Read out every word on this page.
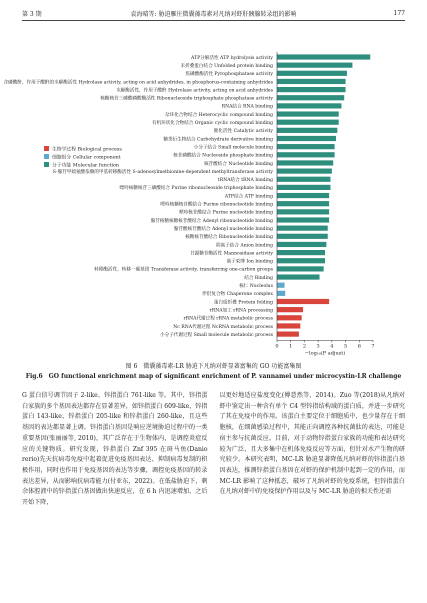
第 3 期	袁海晴等: 胁迫雁庄微囊藻毒素对凡纳对虾肝胰腺转录组的影响	177
生物学过程 Biological process
细胞组分 Cellular component
分子功能 Molecular function
ATP分解活性 ATP hydrolysis activity
未折叠蛋白结合 Unfolded protein binding
焦磷酸酶活性 Pyrophosphatase activity
含磷酸酐，作用于酸酐的水解酶活性 Hydrolase activity, acting on acid anhydrides, in phosphorus-containing anhydrides
水解酶活性，作用于酸酐 Hydrolase activity, acting on acid anhydrides
核糖核苷三磷酸磷酸酶活性 Ribonucleoside triphosphate phosphatase activity
RNA结合 RNA binding
杂环化合物结合 Heterocyclic compound binding
有机环状化合物结合 Organic cyclic compound binding
催化活性 Catalytic activity
糖类衍生物结合 Carbohydrate derivative binding
小分子结合 Small molecule binding
核苷磷酸结合 Nucleoside phosphate binding
核苷酸结合 Nucleotide binding
S-腺苷甲硫氨酸依赖的甲基转移酶活性 S-adenosylmethionine-dependent methyltransferase activity
tRNA结合 tRNA binding
嘌呤核糖核苷三磷酸结合 Purine ribonucleoside triphosphate binding
ATP结合 ATP binding
嘌呤核糖核苷酸结合 Purine ribonucleotide binding
嘌呤核苷酸结合 Purine nucleotide binding
腺苷核糖核糖核苷酸结合 Adenyl ribonucleotide binding
腺苷酸核苷酸结合 Adenyl nucleotide binding
核糖核苷酸结合 Ribonucleotide binding
阴离子结合 Anion binding
甘露糖苷酶活性 Mannosidase activity
离子束缚 Ion binding
转移酶活性，转移一碳基团 Transferase activity, transferring one-carbon groups
结合 Binding
核仁 Nucleolus
伴侣复合物 Chaperone complex
蛋白质折叠 Protein folding
rRNA加工 rRNA processing
rRNA代谢过程 rRNA metabolic process
Nc RNA代谢过程 NcRNA metabolic process
小分子代谢过程 Small molecule metabolic process
0 1 2 3 4 5 6 7
−log₁₀(P adjust)
图 6　微囊藻毒素-LR 胁迫下凡纳对虾显著富集的 GO 功能富集图
Fig.6　GO functional enrichment map of significant enrichment of P. vannamei under microcystin-LR challenge

G 蛋白信号调节因子 2-like、锌指蛋白 761-like 等。其中，锌指蛋白家族的多个基因表达都存在显著差异，如锌指蛋白 609-like、锌指蛋白 143-like、锌指蛋白 205-like 和锌指蛋白 260-like，且这些基因的表达都显著上调。锌指蛋白基因是响应逆境胁迫过程中的一类重要基因(张丽丽等, 2010)，其广泛存在于生物体内，是调控炎症反应的关键物质。研究发现，锌指蛋白 Znf 395 在斑马鱼(Danio rerio)先天抗病毒免疫中起着促进免疫基因表达、抑制病毒复制的积极作用，同时也作用于免疫基因的表达等步骤，调控免疫基因的转录表达差异，从而影响抗病毒能力(付亚东，2022)。在低盐胁迫下，剩余体腔液中的锌指蛋白基因做出快速反应，在 6 h 内迅速增加，之后开始下降，

以更好地适应盐度变化(傅意然等，2014)。Zuo 等(2018)从凡纳对虾中鉴定出一种含有单个 C4 型锌指结构域的蛋白质，并进一步研究了其在免疫中的作用。该蛋白主要定位于细胞质中，也少量存在于细胞核，在细菌感染过程中，其能正向调控各种抗菌肽的表达，可能是宿主参与抗菌反应。目前，对于动物锌指蛋白家族的功能和表达研究较为广泛，且大多集中在机体免疫反应等方面，但针对水产生物的研究较少。本研究表明，MC-LR 胁迫显著降低凡纳对虾的锌指蛋白基因表达，推测锌指蛋白基因在对虾的保护机制中起到一定的作用，而 MC-LR 影响了这种抵态，破坏了凡纳对虾的免疫系统，但锌指蛋白在凡纳对虾中的免疫保护作用以及与 MC-LR 胁迫的相关性还需
